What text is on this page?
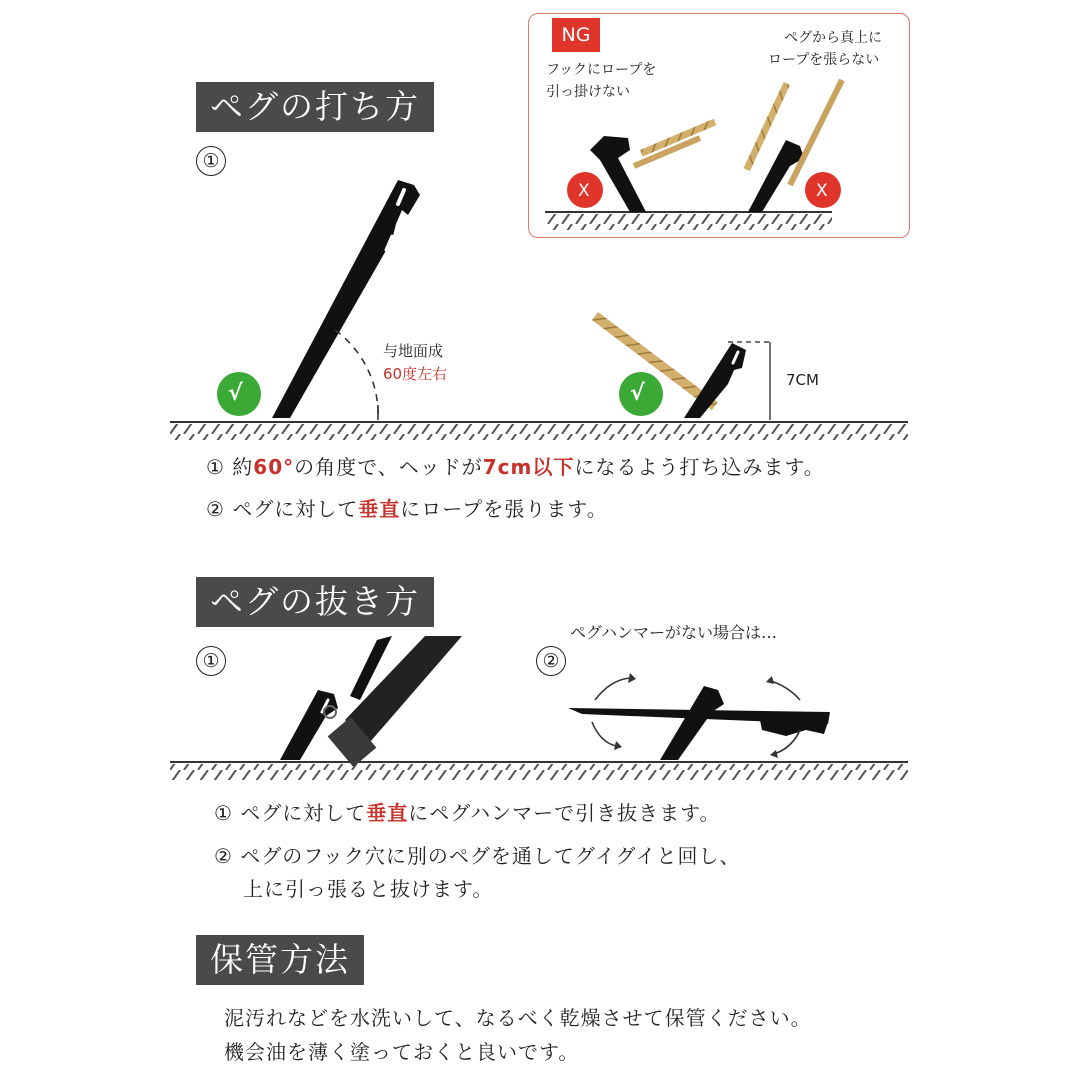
√	√
X	X
ペグの打ち方
①
与地面成
60度左右	7CM
NG
フックにロープを
引っ掛けない
ペグから真上に
ロープを張らない
① 約60°の角度で、ヘッドが7cm以下になるよう打ち込みます。
② ペグに対して垂直にロープを張ります。
ペグの抜き方
①	②
ペグハンマーがない場合は…
① ペグに対して垂直にペグハンマーで引き抜きます。
② ペグのフック穴に別のペグを通してグイグイと回し、
上に引っ張ると抜けます。
保管方法
泥汚れなどを水洗いして、なるべく乾燥させて保管ください。
機会油を薄く塗っておくと良いです。
